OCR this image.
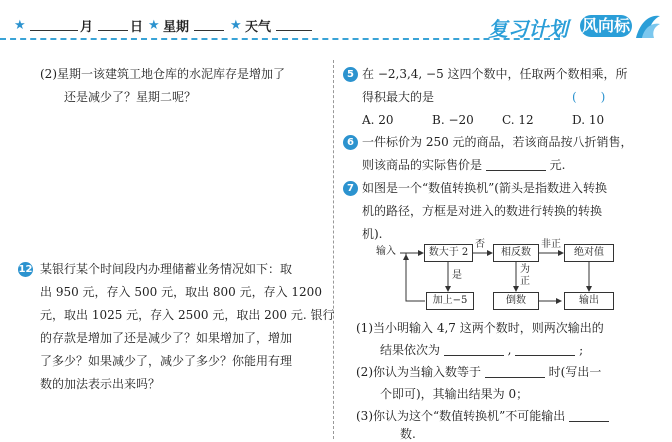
★	月	日 ★ 星期	★ 天气	复习计划 风向标
(2)星期一该建筑工地仓库的水泥库存是增加了
还是减少了？星期二呢？
12 某银行某个时间段内办理储蓄业务情况如下：取
出 950 元，存入 500 元，取出 800 元，存入 1200
元，取出 1025 元，存入 2500 元，取出 200 元. 银行
的存款是增加了还是减少了？如果增加了，增加
了多少？如果减少了，减少了多少？你能用有理
数的加法表示出来吗？
5 在 −2,3,4, −5 这四个数中，任取两个数相乘，所
得积最大的是	(　　)
A. 20	B. −20 C. 12	D. 10
6 一件标价为 250 元的商品，若该商品按八折销售，
则该商品的实际售价是	元.
7 如图是一个“数值转换机”(箭头是指数进入转换
机的路径，方框是对进入的数进行转换的转换
机).
输入	数大于 2	相反数	绝对值
加上−5	倒数	输出
否	非正
是
为
正
(1)当小明输入 4,7 这两个数时，则两次输出的
结果依次为	,	;
(2)你认为当输入数等于	时(写出一
个即可)，其输出结果为 0；
(3)你认为这个“数值转换机”不可能输出
数.
